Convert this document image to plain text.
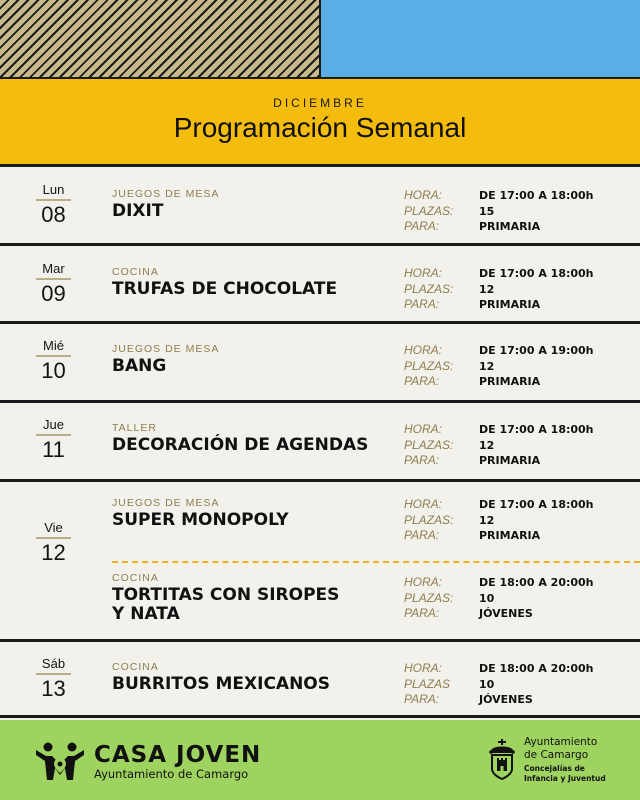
DICIEMBRE
Programación Semanal
Lun
08
JUEGOS DE MESA
DIXIT
HORA:	DE 17:00 A 18:00h
PLAZAS:	15
PARA:	PRIMARIA
Mar
09
COCINA
TRUFAS DE CHOCOLATE
HORA:	DE 17:00 A 18:00h
PLAZAS:	12
PARA:	PRIMARIA
Mié
10
JUEGOS DE MESA
BANG
HORA:	DE 17:00 A 19:00h
PLAZAS:	12
PARA:	PRIMARIA
Jue
11
TALLER
DECORACIÓN DE AGENDAS
HORA:	DE 17:00 A 18:00h
PLAZAS:	12
PARA:	PRIMARIA
Vie
12
JUEGOS DE MESA
SUPER MONOPOLY
HORA:	DE 17:00 A 18:00h
PLAZAS:	12
PARA:	PRIMARIA
COCINA
TORTITAS CON SIROPES
Y NATA
HORA:	DE 18:00 A 20:00h
PLAZAS:	10
PARA:	JÓVENES
Sáb
13
COCINA
BURRITOS MEXICANOS
HORA:	DE 18:00 A 20:00h
PLAZAS	10
PARA:	JÓVENES
CASA JOVEN
Ayuntamiento de Camargo
Ayuntamiento
de Camargo
Concejalías de
Infancia y Juventud
